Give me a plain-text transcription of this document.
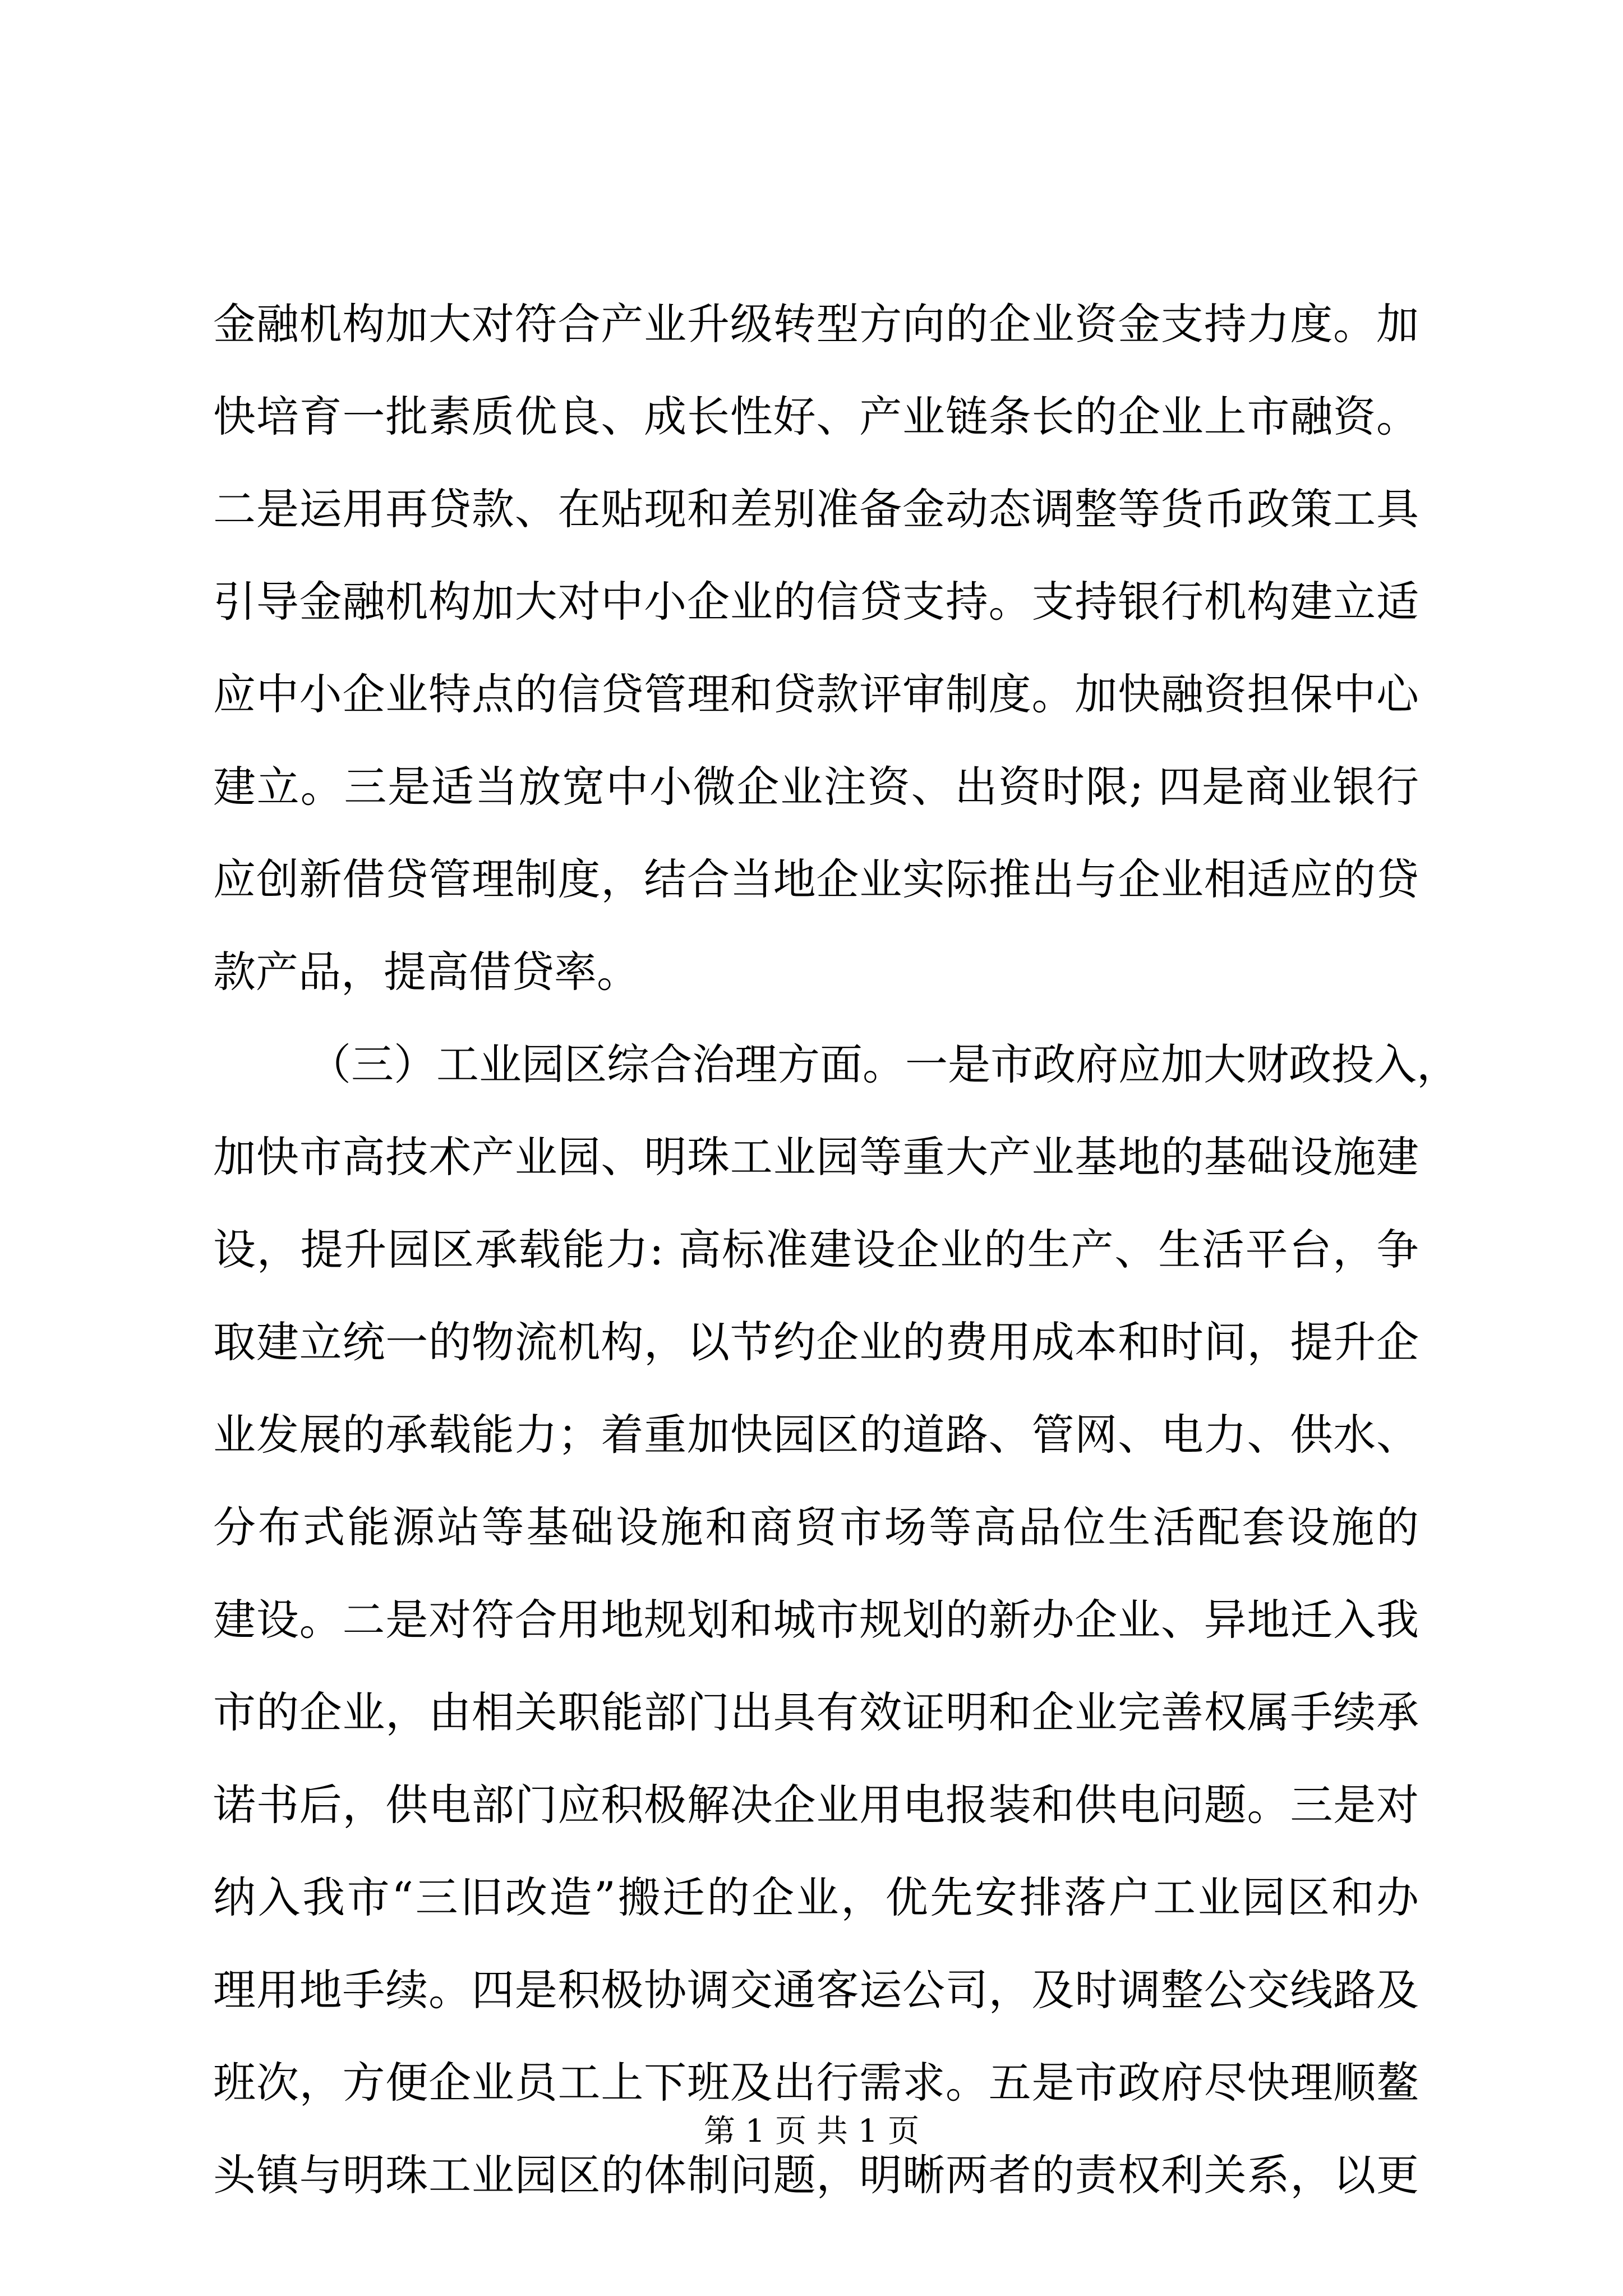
金融机构加大对符合产业升级转型方向的企业资金支持力度。加
快培育一批素质优良、成长性好、产业链条长的企业上市融资。
二是运用再贷款、在贴现和差别准备金动态调整等货币政策工具
引导金融机构加大对中小企业的信贷支持。支持银行机构建立适
应中小企业特点的信贷管理和贷款评审制度。加快融资担保中心
建立。三是适当放宽中小微企业注资、出资时限; 四是商业银行
应创新借贷管理制度，结合当地企业实际推出与企业相适应的贷
款产品，提高借贷率。
（三）工业园区综合治理方面。一是市政府应加大财政投入，
加快市高技术产业园、明珠工业园等重大产业基地的基础设施建
设，提升园区承载能力: 高标准建设企业的生产、生活平台，争
取建立统一的物流机构，以节约企业的费用成本和时间，提升企
业发展的承载能力；着重加快园区的道路、管网、电力、供水、
分布式能源站等基础设施和商贸市场等高品位生活配套设施的
建设。二是对符合用地规划和城市规划的新办企业、异地迁入我
市的企业，由相关职能部门出具有效证明和企业完善权属手续承
诺书后，供电部门应积极解决企业用电报装和供电问题。三是对
纳入我市“三旧改造”搬迁的企业，优先安排落户工业园区和办
理用地手续。四是积极协调交通客运公司，及时调整公交线路及
班次，方便企业员工上下班及出行需求。五是市政府尽快理顺鳌
头镇与明珠工业园区的体制问题，明晰两者的责权利关系，以更
第 1 页 共 1 页
